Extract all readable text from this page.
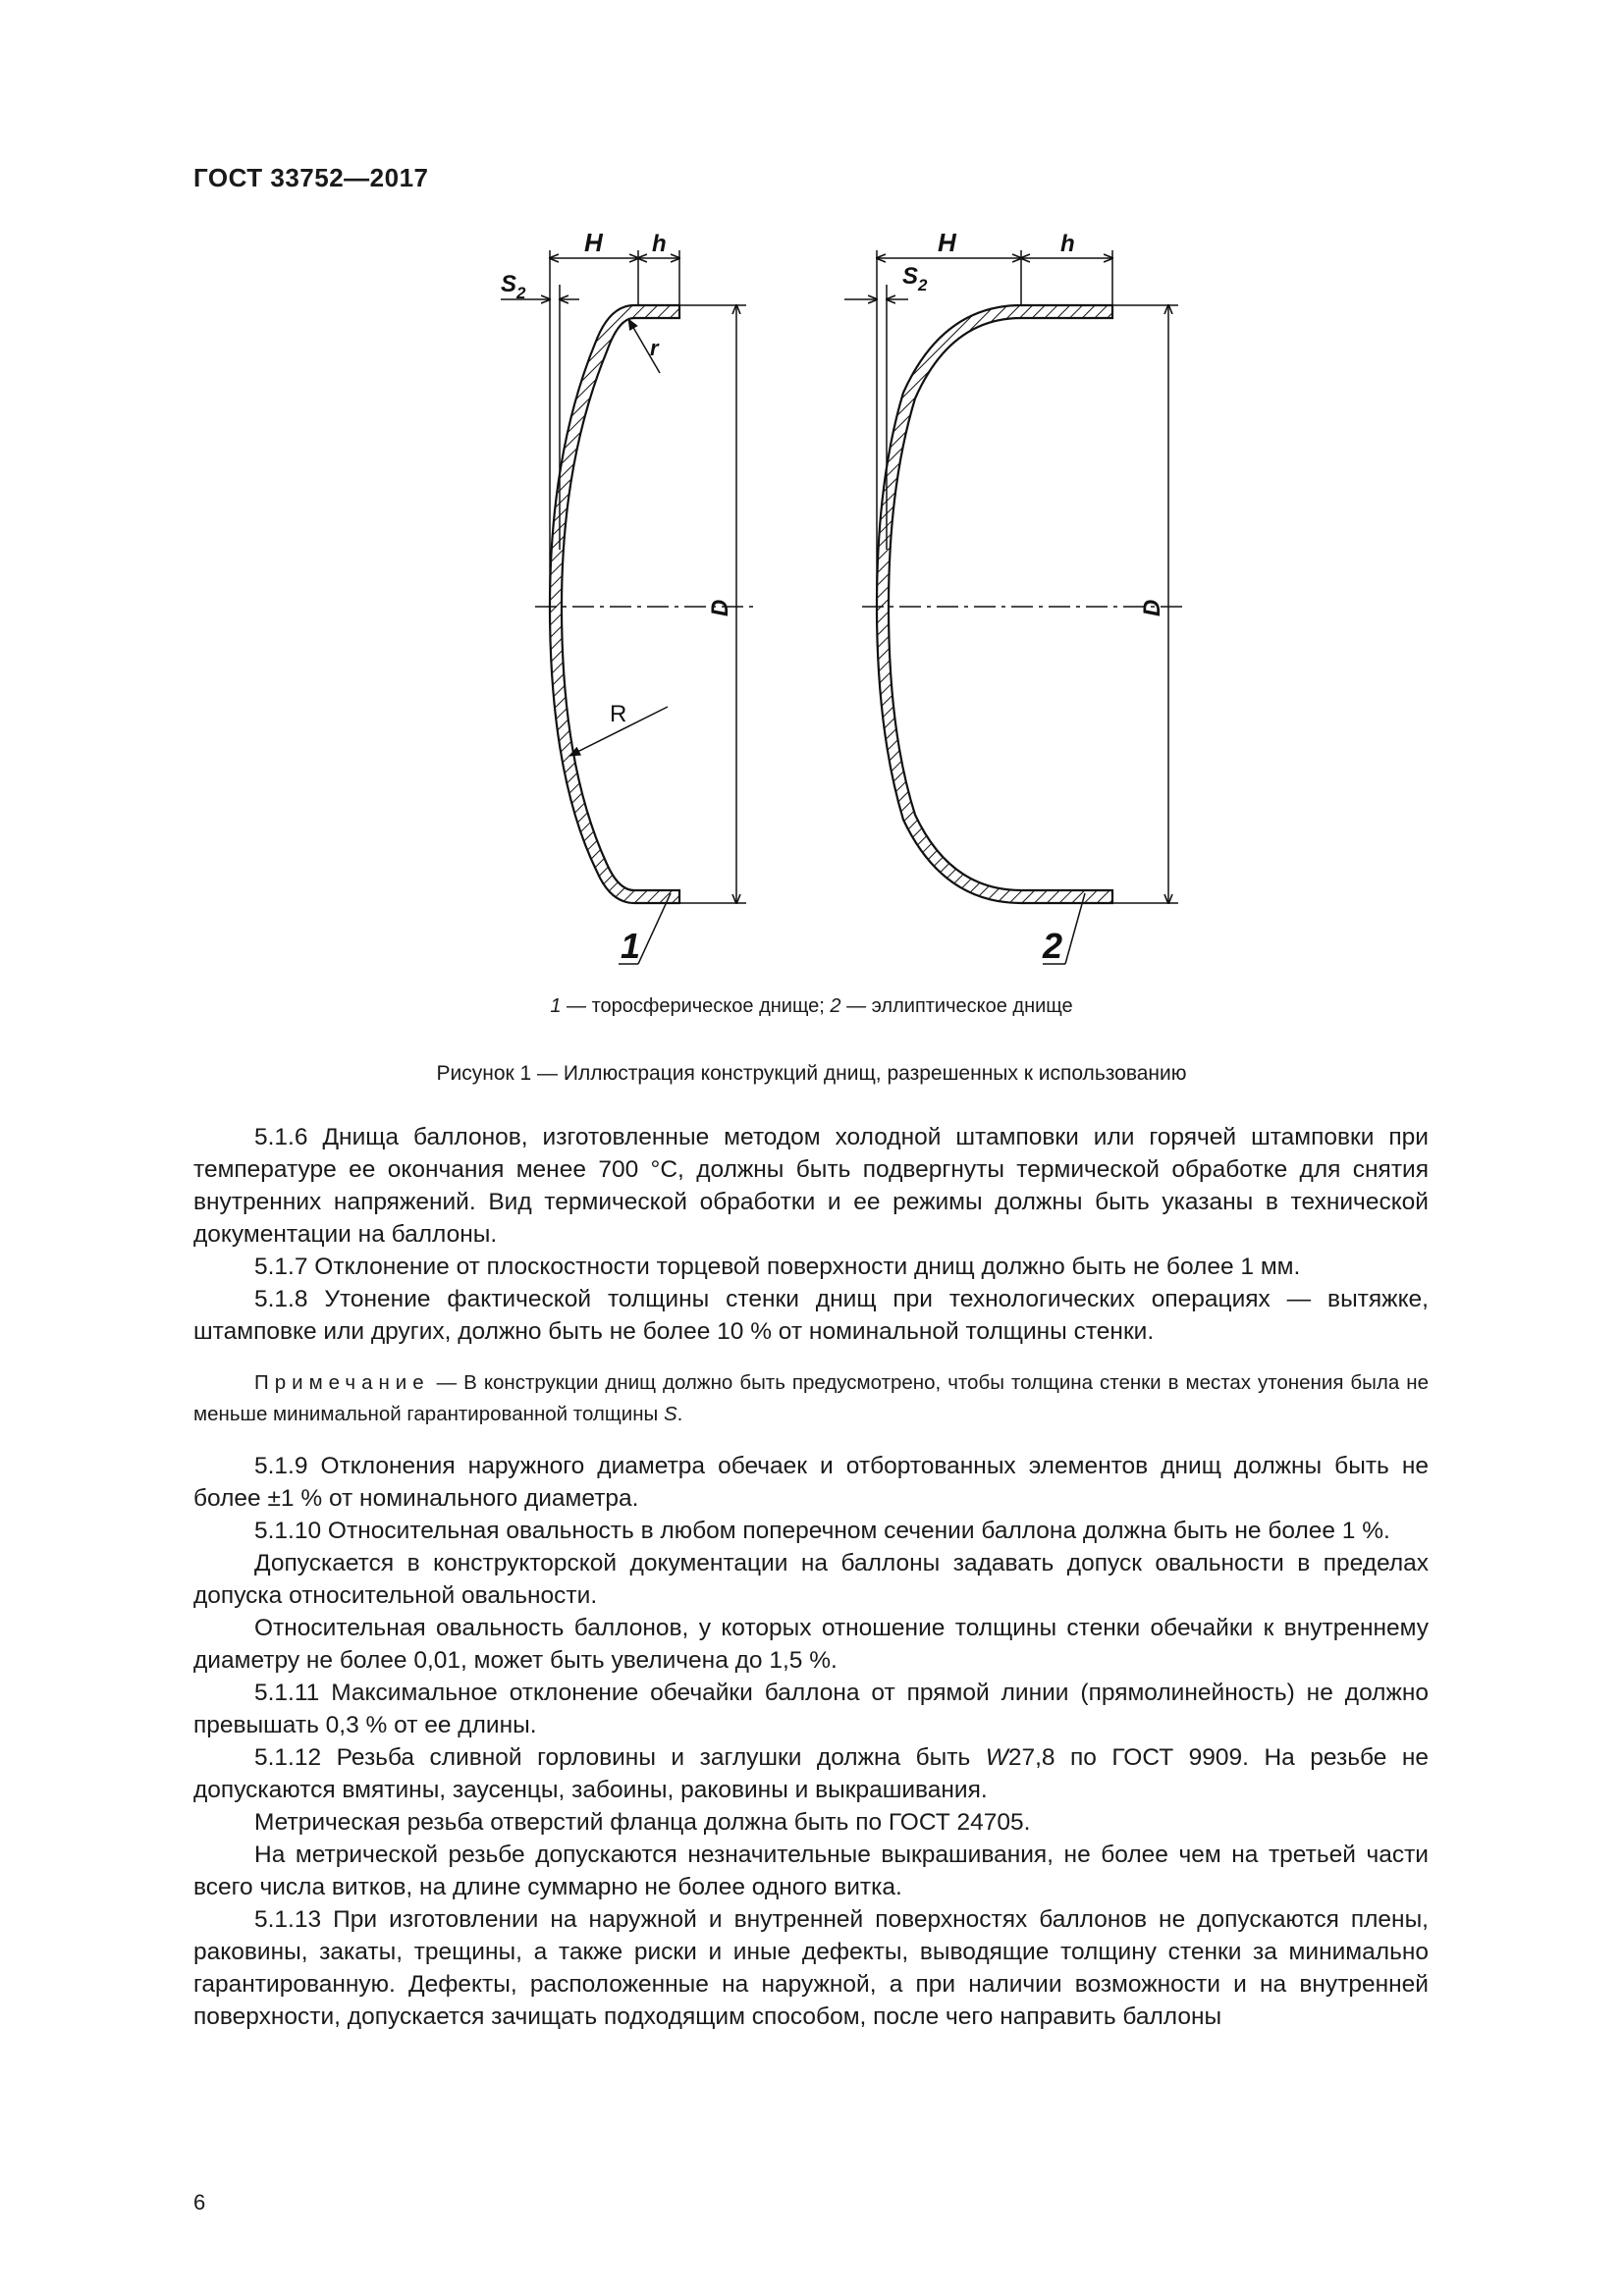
ГОСТ 33752—2017
H h
S 2
r
R
D
1
H	h
S 2
D
2
1 — торосферическое днище; 2 — эллиптическое днище
Рисунок 1 — Иллюстрация конструкций днищ, разрешенных к использованию

5.1.6 Днища баллонов, изготовленные методом холодной штамповки или горячей штамповки при температуре ее окончания менее 700 °С, должны быть подвергнуты термической обработке для снятия внутренних напряжений. Вид термической обработки и ее режимы должны быть указаны в технической документации на баллоны.

5.1.7 Отклонение от плоскостности торцевой поверхности днищ должно быть не более 1 мм.

5.1.8 Утонение фактической толщины стенки днищ при технологических операциях — вытяжке, штамповке или других, должно быть не более 10 % от номинальной толщины стенки.

Примечание — В конструкции днищ должно быть предусмотрено, чтобы толщина стенки в местах утонения была не меньше минимальной гарантированной толщины S.

5.1.9 Отклонения наружного диаметра обечаек и отбортованных элементов днищ должны быть не более ±1 % от номинального диаметра.

5.1.10 Относительная овальность в любом поперечном сечении баллона должна быть не более 1 %.

Допускается в конструкторской документации на баллоны задавать допуск овальности в пределах допуска относительной овальности.

Относительная овальность баллонов, у которых отношение толщины стенки обечайки к внутреннему диаметру не более 0,01, может быть увеличена до 1,5 %.

5.1.11 Максимальное отклонение обечайки баллона от прямой линии (прямолинейность) не должно превышать 0,3 % от ее длины.

5.1.12 Резьба сливной горловины и заглушки должна быть W27,8 по ГОСТ 9909. На резьбе не допускаются вмятины, заусенцы, забоины, раковины и выкрашивания.

Метрическая резьба отверстий фланца должна быть по ГОСТ 24705.

На метрической резьбе допускаются незначительные выкрашивания, не более чем на третьей части всего числа витков, на длине суммарно не более одного витка.

5.1.13 При изготовлении на наружной и внутренней поверхностях баллонов не допускаются плены, раковины, закаты, трещины, а также риски и иные дефекты, выводящие толщину стенки за минимально гарантированную. Дефекты, расположенные на наружной, а при наличии возможности и на внутренней поверхности, допускается зачищать подходящим способом, после чего направить баллоны

6
